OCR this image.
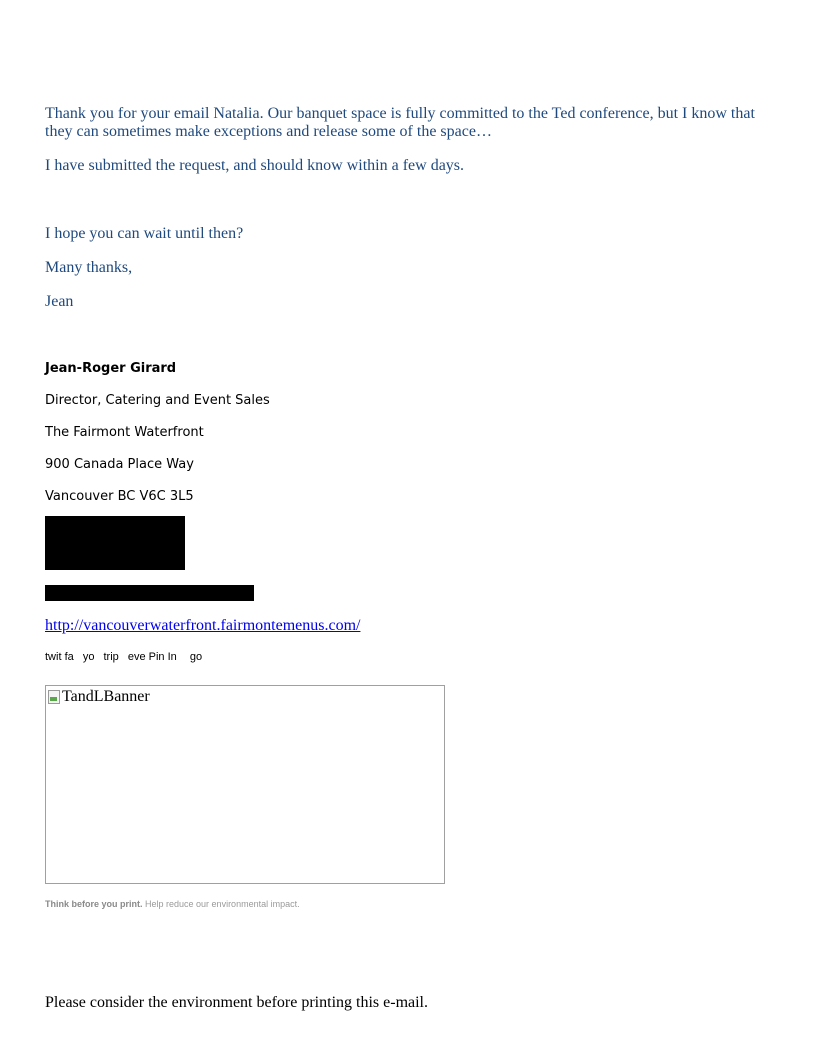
Thank you for your email Natalia. Our banquet space is fully committed to the Ted conference, but I know that they can sometimes make exceptions and release some of the space…

I have submitted the request, and should know within a few days.

I hope you can wait until then?

Many thanks,

Jean

Jean-Roger Girard

Director, Catering and Event Sales

The Fairmont Waterfront

900 Canada Place Way

Vancouver BC V6C 3L5

http://vancouverwaterfront.fairmontemenus.com/
twit fa yo trip eve Pin In go
TandLBanner
Think before you print. Help reduce our environmental impact.
Please consider the environment before printing this e-mail.
